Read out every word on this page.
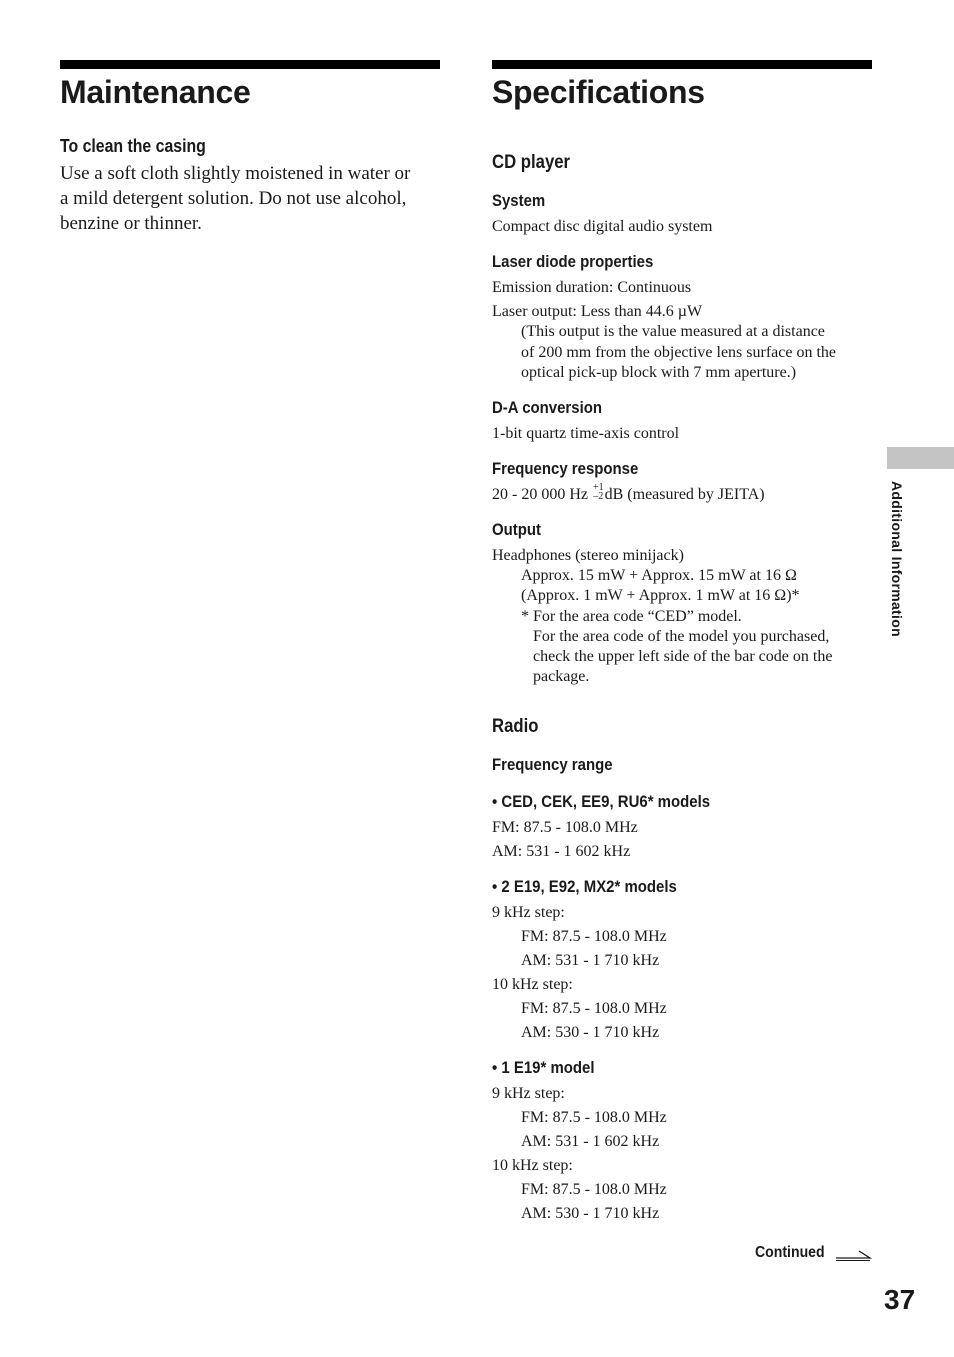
Maintenance
To clean the casing
Use a soft cloth slightly moistened in water or
a mild detergent solution. Do not use alcohol,
benzine or thinner.
Specifications
CD player
System
Compact disc digital audio system
Laser diode properties
Emission duration: Continuous
Laser output: Less than 44.6 µW
(This output is the value measured at a distance
of 200 mm from the objective lens surface on the
optical pick-up block with 7 mm aperture.)
D-A conversion
1-bit quartz time-axis control
Frequency response
20 - 20 000 Hz +1
–2dB (measured by JEITA)
Output
Headphones (stereo minijack)
Approx. 15 mW + Approx. 15 mW at 16 Ω
(Approx. 1 mW + Approx. 1 mW at 16 Ω)*
* For the area code “CED” model.
For the area code of the model you purchased,
check the upper left side of the bar code on the
package.
Radio
Frequency range
• CED, CEK, EE9, RU6* models
FM: 87.5 - 108.0 MHz
AM: 531 - 1 602 kHz
• 2 E19, E92, MX2* models
9 kHz step:
FM: 87.5 - 108.0 MHz
AM: 531 - 1 710 kHz
10 kHz step:
FM: 87.5 - 108.0 MHz
AM: 530 - 1 710 kHz
• 1 E19* model
9 kHz step:
FM: 87.5 - 108.0 MHz
AM: 531 - 1 602 kHz
10 kHz step:
FM: 87.5 - 108.0 MHz
AM: 530 - 1 710 kHz
Continued
37
Additional Information
